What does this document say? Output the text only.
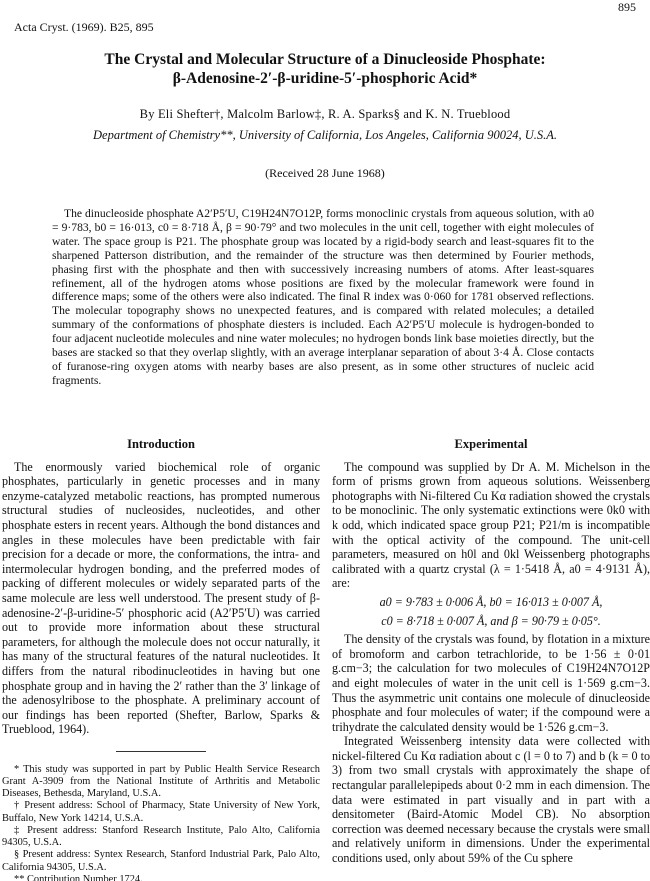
895
Acta Cryst. (1969). B25, 895
The Crystal and Molecular Structure of a Dinucleoside Phosphate:
β-Adenosine-2′-β-uridine-5′-phosphoric Acid*
By Eli Shefter†, Malcolm Barlow‡, R. A. Sparks§ and K. N. Trueblood
Department of Chemistry**, University of California, Los Angeles, California 90024, U.S.A.
(Received 28 June 1968)
The dinucleoside phosphate A2′P5′U, C19H24N7O12P, forms monoclinic crystals from aqueous solution, with a0 = 9·783, b0 = 16·013, c0 = 8·718 Å, β = 90·79° and two molecules in the unit cell, together with eight molecules of water. The space group is P21. The phosphate group was located by a rigid-body search and least-squares fit to the sharpened Patterson distribution, and the remainder of the structure was then determined by Fourier methods, phasing first with the phosphate and then with successively increasing numbers of atoms. After least-squares refinement, all of the hydrogen atoms whose positions are fixed by the molecular framework were found in difference maps; some of the others were also indicated. The final R index was 0·060 for 1781 observed reflections. The molecular topography shows no unexpected features, and is compared with related molecules; a detailed summary of the conformations of phosphate diesters is included. Each A2′P5′U molecule is hydrogen-bonded to four adjacent nucleotide molecules and nine water molecules; no hydrogen bonds link base moieties directly, but the bases are stacked so that they overlap slightly, with an average interplanar separation of about 3·4 Å. Close contacts of furanose-ring oxygen atoms with nearby bases are also present, as in some other structures of nucleic acid fragments.
Introduction

The enormously varied biochemical role of organic phosphates, particularly in genetic processes and in many enzyme-catalyzed metabolic reactions, has prompted numerous structural studies of nucleosides, nucleotides, and other phosphate esters in recent years. Although the bond distances and angles in these molecules have been predictable with fair precision for a decade or more, the conformations, the intra- and intermolecular hydrogen bonding, and the preferred modes of packing of different molecules or widely separated parts of the same molecule are less well understood. The present study of β-adenosine-2′-β-uridine-5′ phosphoric acid (A2′P5′U) was carried out to provide more information about these structural parameters, for although the molecule does not occur naturally, it has many of the structural features of the natural nucleotides. It differs from the natural ribodinucleotides in having but one phosphate group and in having the 2′ rather than the 3′ linkage of the adenosylribose to the phosphate. A preliminary account of our findings has been reported (Shefter, Barlow, Sparks & Trueblood, 1964).

* This study was supported in part by Public Health Service Research Grant A-3909 from the National Institute of Arthritis and Metabolic Diseases, Bethesda, Maryland, U.S.A.
† Present address: School of Pharmacy, State University of New York, Buffalo, New York 14214, U.S.A.
‡ Present address: Stanford Research Institute, Palo Alto, California 94305, U.S.A.
§ Present address: Syntex Research, Stanford Industrial Park, Palo Alto, California 94305, U.S.A.
** Contribution Number 1724.
Experimental

The compound was supplied by Dr A. M. Michelson in the form of prisms grown from aqueous solutions. Weissenberg photographs with Ni-filtered Cu Kα radiation showed the crystals to be monoclinic. The only systematic extinctions were 0k0 with k odd, which indicated space group P21; P21/m is incompatible with the optical activity of the compound. The unit-cell parameters, measured on h0l and 0kl Weissenberg photographs calibrated with a quartz crystal (λ = 1·5418 Å, a0 = 4·9131 Å), are:

a0 = 9·783 ± 0·006 Å, b0 = 16·013 ± 0·007 Å,
c0 = 8·718 ± 0·007 Å, and β = 90·79 ± 0·05°.

The density of the crystals was found, by flotation in a mixture of bromoform and carbon tetrachloride, to be 1·56 ± 0·01 g.cm−3; the calculation for two molecules of C19H24N7O12P and eight molecules of water in the unit cell is 1·569 g.cm−3. Thus the asymmetric unit contains one molecule of dinucleoside phosphate and four molecules of water; if the compound were a trihydrate the calculated density would be 1·526 g.cm−3.

Integrated Weissenberg intensity data were collected with nickel-filtered Cu Kα radiation about c (l = 0 to 7) and b (k = 0 to 3) from two small crystals with approximately the shape of rectangular parallelepipeds about 0·2 mm in each dimension. The data were estimated in part visually and in part with a densitometer (Baird-Atomic Model CB). No absorption correction was deemed necessary because the crystals were small and relatively uniform in dimensions. Under the experimental conditions used, only about 59% of the Cu sphere
